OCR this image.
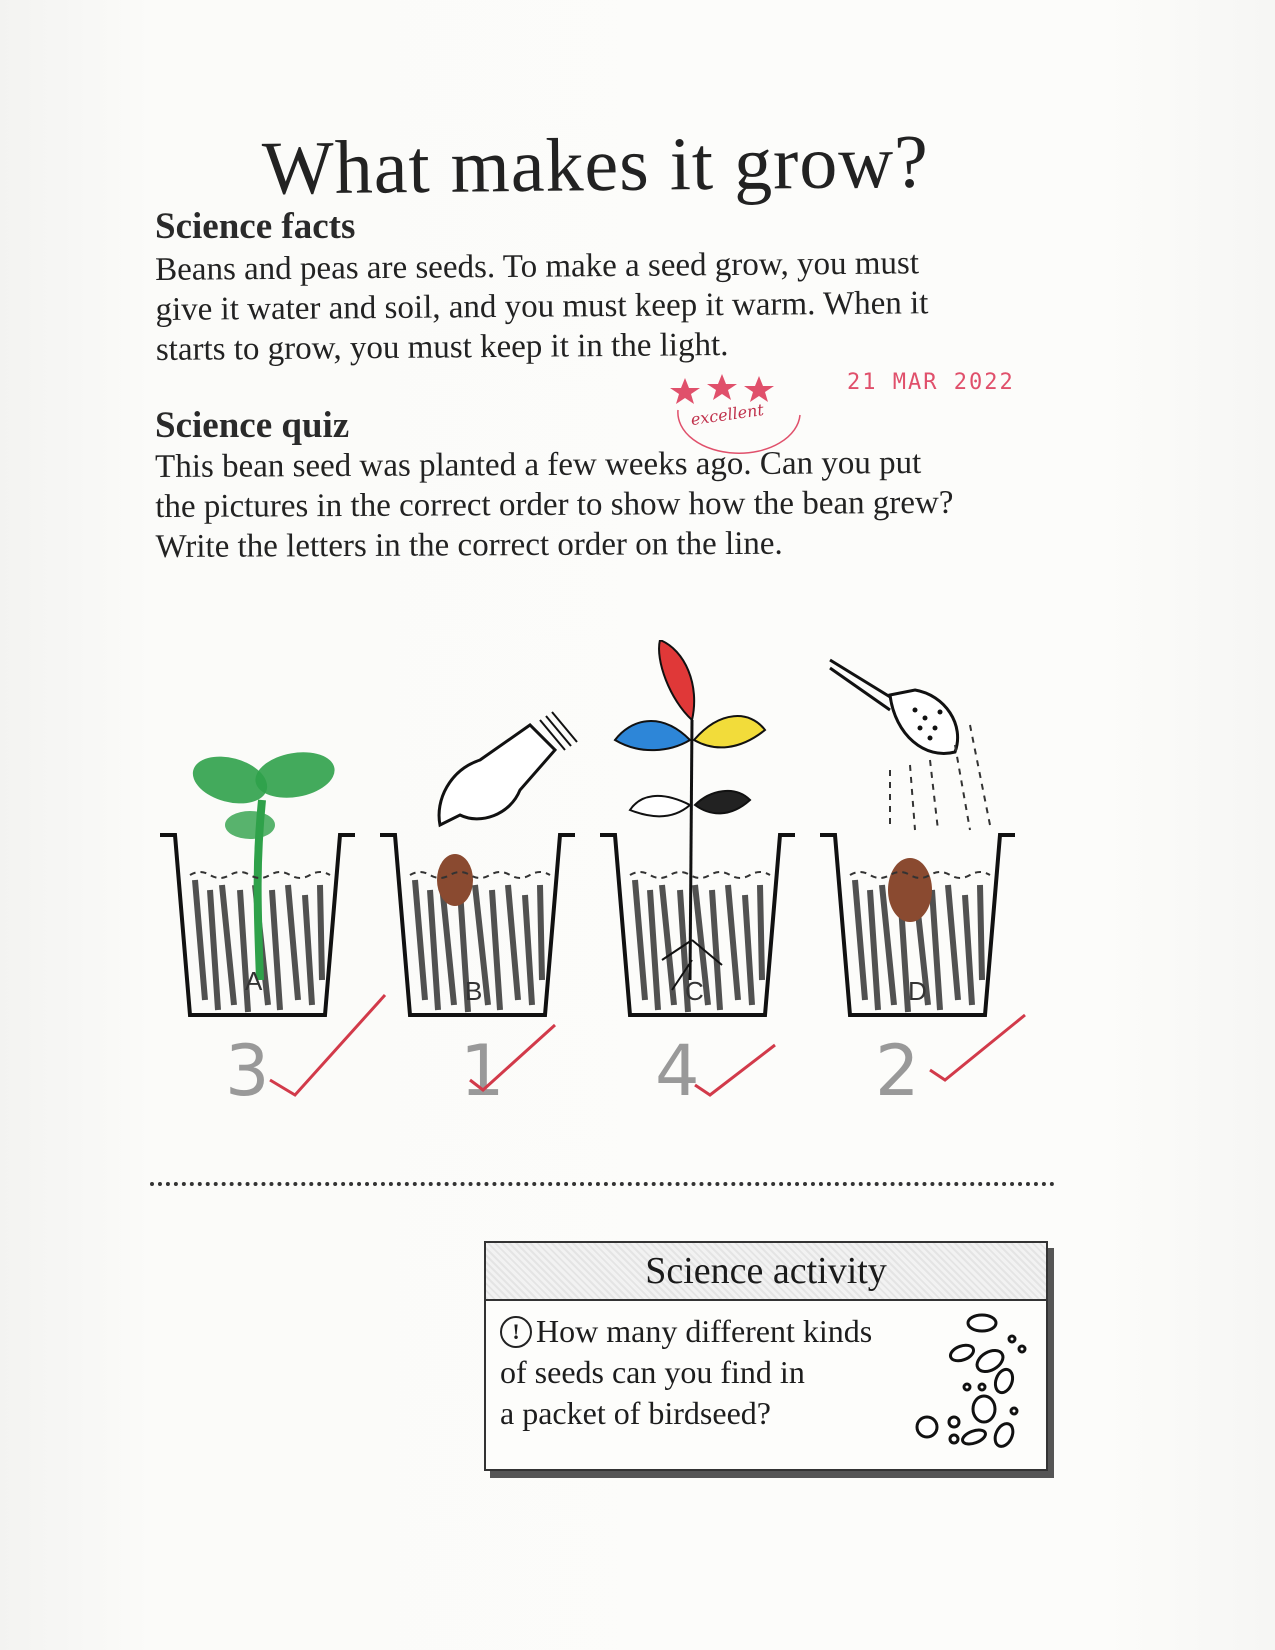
What makes it grow?
Science facts

Beans and peas are seeds. To make a seed grow, you must

give it water and soil, and you must keep it warm. When it

starts to grow, you must keep it in the light.

excellent
21 MAR 2022
Science quiz

This bean seed was planted a few weeks ago. Can you put

the pictures in the correct order to show how the bean grew?

Write the letters in the correct order on the line.

A	B	C	D
3	1 4	2
Science activity

! How many different kinds

of seeds can you find in

a packet of birdseed?
